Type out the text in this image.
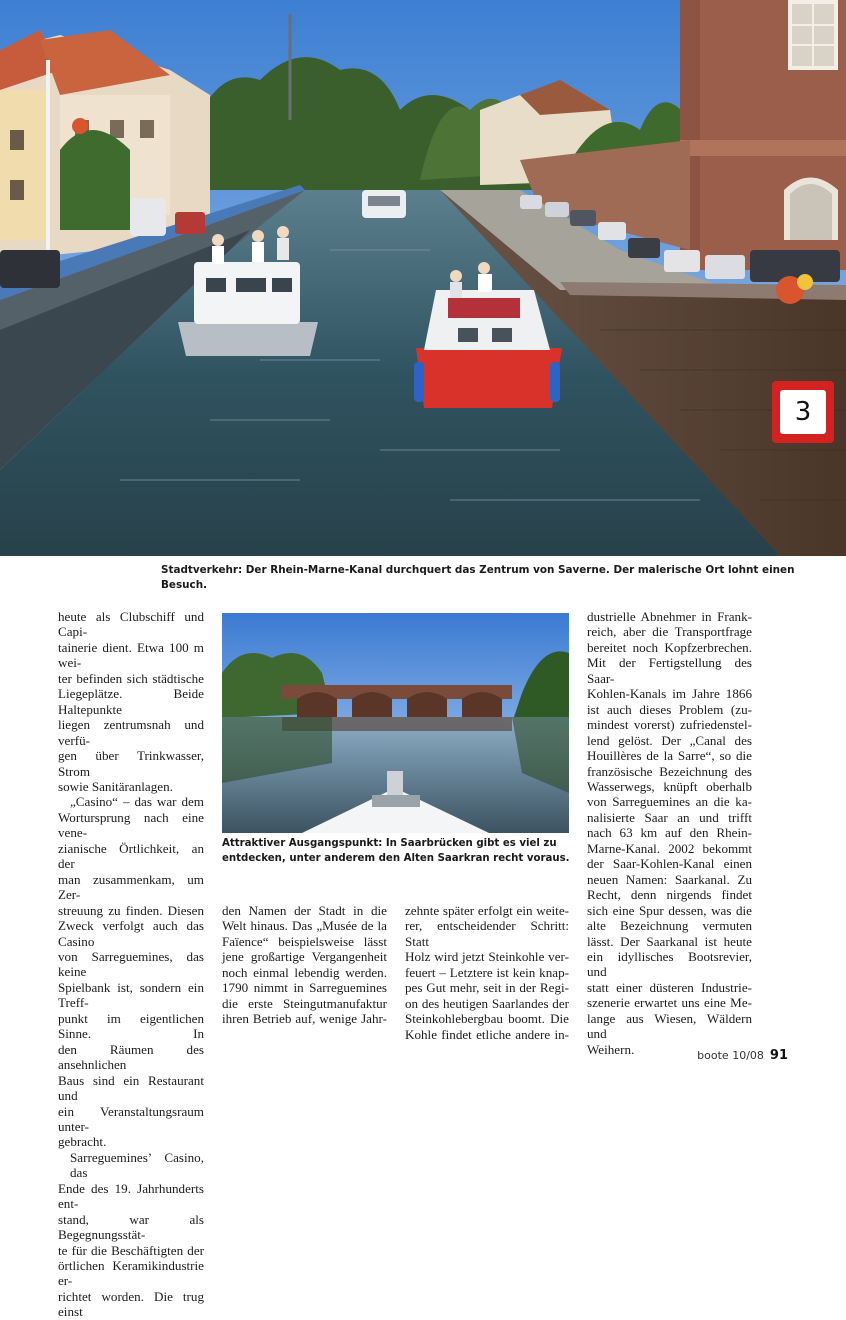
3
Stadtverkehr: Der Rhein-Marne-Kanal durchquert das Zentrum von Saverne. Der malerische Ort lohnt einen Besuch.
Attraktiver Ausgangspunkt: In Saarbrücken gibt es viel zu
entdecken, unter anderem den Alten Saarkran recht voraus.

heute als Clubschiff und Capi-
tainerie dient. Etwa 100 m wei-
ter befinden sich städtische
Liegeplätze. Beide Haltepunkte
liegen zentrumsnah und verfü-
gen über Trinkwasser, Strom
sowie Sanitäranlagen.

„Casino“ – das war dem
Wortursprung nach eine vene-
zianische Örtlichkeit, an der
man zusammenkam, um Zer-
streuung zu finden. Diesen
Zweck verfolgt auch das Casino
von Sarreguemines, das keine
Spielbank ist, sondern ein Treff-
punkt im eigentlichen Sinne. In
den Räumen des ansehnlichen
Baus sind ein Restaurant und
ein Veranstaltungsraum unter-
gebracht.

Sarreguemines’ Casino, das
Ende des 19. Jahrhunderts ent-
stand, war als Begegnungsstät-
te für die Beschäftigten der
örtlichen Keramikindustrie er-
richtet worden. Die trug einst

den Namen der Stadt in die
Welt hinaus. Das „Musée de la
Faïence“ beispielsweise lässt
jene großartige Vergangenheit
noch einmal lebendig werden.
1790 nimmt in Sarreguemines
die erste Steingutmanufaktur
ihren Betrieb auf, wenige Jahr-

zehnte später erfolgt ein weite-
rer, entscheidender Schritt: Statt
Holz wird jetzt Steinkohle ver-
feuert – Letztere ist kein knap-
pes Gut mehr, seit in der Regi-
on des heutigen Saarlandes der
Steinkohlebergbau boomt. Die
Kohle findet etliche andere in-

dustrielle Abnehmer in Frank-
reich, aber die Transportfrage
bereitet noch Kopfzerbrechen.
Mit der Fertigstellung des Saar-
Kohlen-Kanals im Jahre 1866
ist auch dieses Problem (zu-
mindest vorerst) zufriedenstel-
lend gelöst. Der „Canal des
Houillères de la Sarre“, so die
französische Bezeichnung des
Wasserwegs, knüpft oberhalb
von Sarreguemines an die ka-
nalisierte Saar an und trifft
nach 63 km auf den Rhein-
Marne-Kanal. 2002 bekommt
der Saar-Kohlen-Kanal einen
neuen Namen: Saarkanal. Zu
Recht, denn nirgends findet
sich eine Spur dessen, was die
alte Bezeichnung vermuten
lässt. Der Saarkanal ist heute
ein idyllisches Bootsrevier, und
statt einer düsteren Industrie-
szenerie erwartet uns eine Me-
lange aus Wiesen, Wäldern und
Weihern.	boote 10/08 91
